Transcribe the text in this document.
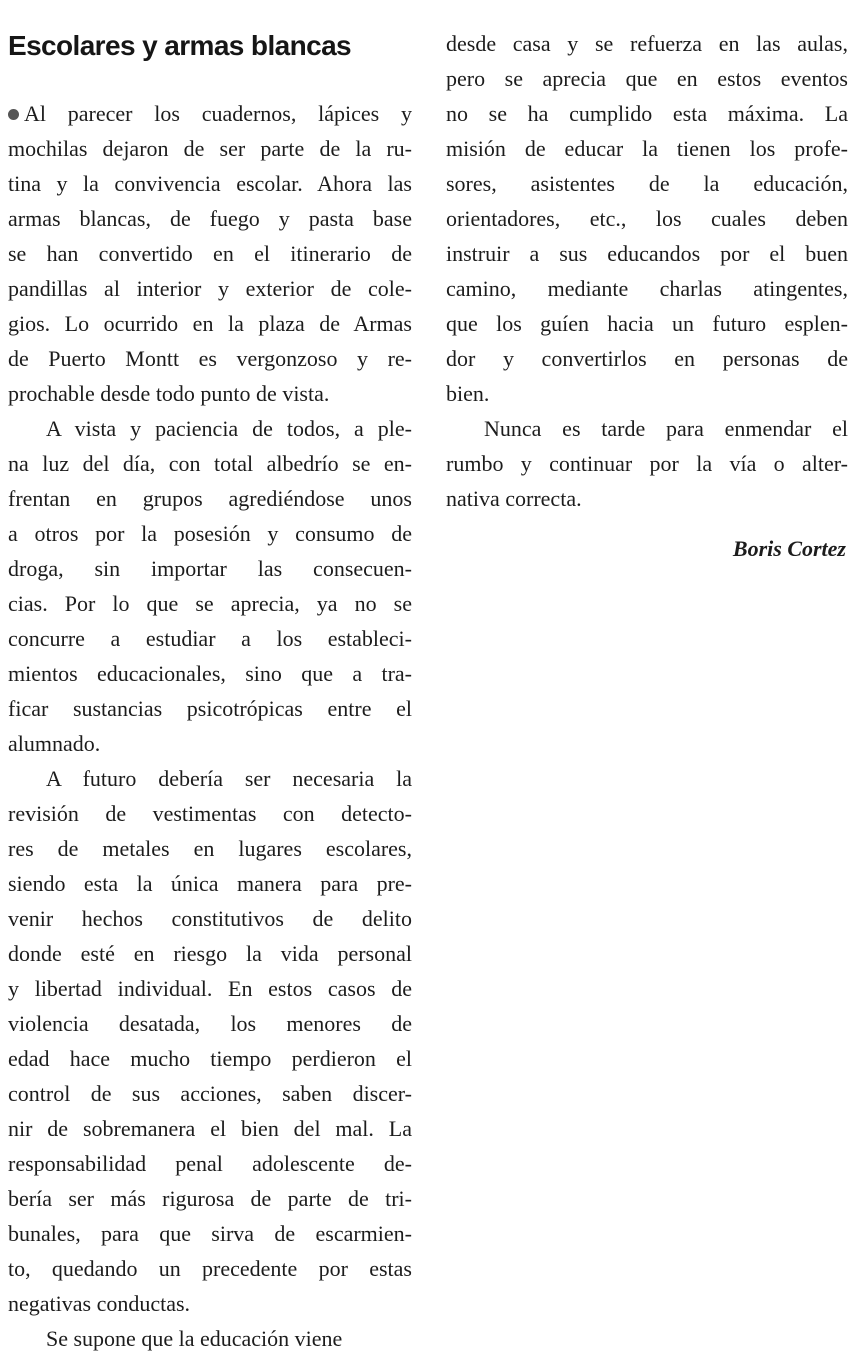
Escolares y armas blancas
Al parecer los cuadernos, lápices y
mochilas dejaron de ser parte de la ru-
tina y la convivencia escolar. Ahora las
armas blancas, de fuego y pasta base
se han convertido en el itinerario de
pandillas al interior y exterior de cole-
gios. Lo ocurrido en la plaza de Armas
de Puerto Montt es vergonzoso y re-
prochable desde todo punto de vista.
A vista y paciencia de todos, a ple-
na luz del día, con total albedrío se en-
frentan en grupos agrediéndose unos
a otros por la posesión y consumo de
droga, sin importar las consecuen-
cias. Por lo que se aprecia, ya no se
concurre a estudiar a los estableci-
mientos educacionales, sino que a tra-
ficar sustancias psicotrópicas entre el
alumnado.
A futuro debería ser necesaria la
revisión de vestimentas con detecto-
res de metales en lugares escolares,
siendo esta la única manera para pre-
venir hechos constitutivos de delito
donde esté en riesgo la vida personal
y libertad individual. En estos casos de
violencia desatada, los menores de
edad hace mucho tiempo perdieron el
control de sus acciones, saben discer-
nir de sobremanera el bien del mal. La
responsabilidad penal adolescente de-
bería ser más rigurosa de parte de tri-
bunales, para que sirva de escarmien-
to, quedando un precedente por estas
negativas conductas.
Se supone que la educación viene
Boris Cortez
desde casa y se refuerza en las aulas,
pero se aprecia que en estos eventos
no se ha cumplido esta máxima. La
misión de educar la tienen los profe-
sores, asistentes de la educación,
orientadores, etc., los cuales deben
instruir a sus educandos por el buen
camino, mediante charlas atingentes,
que los guíen hacia un futuro esplen-
dor y convertirlos en personas de
bien.
Nunca es tarde para enmendar el
rumbo y continuar por la vía o alter-
nativa correcta.
